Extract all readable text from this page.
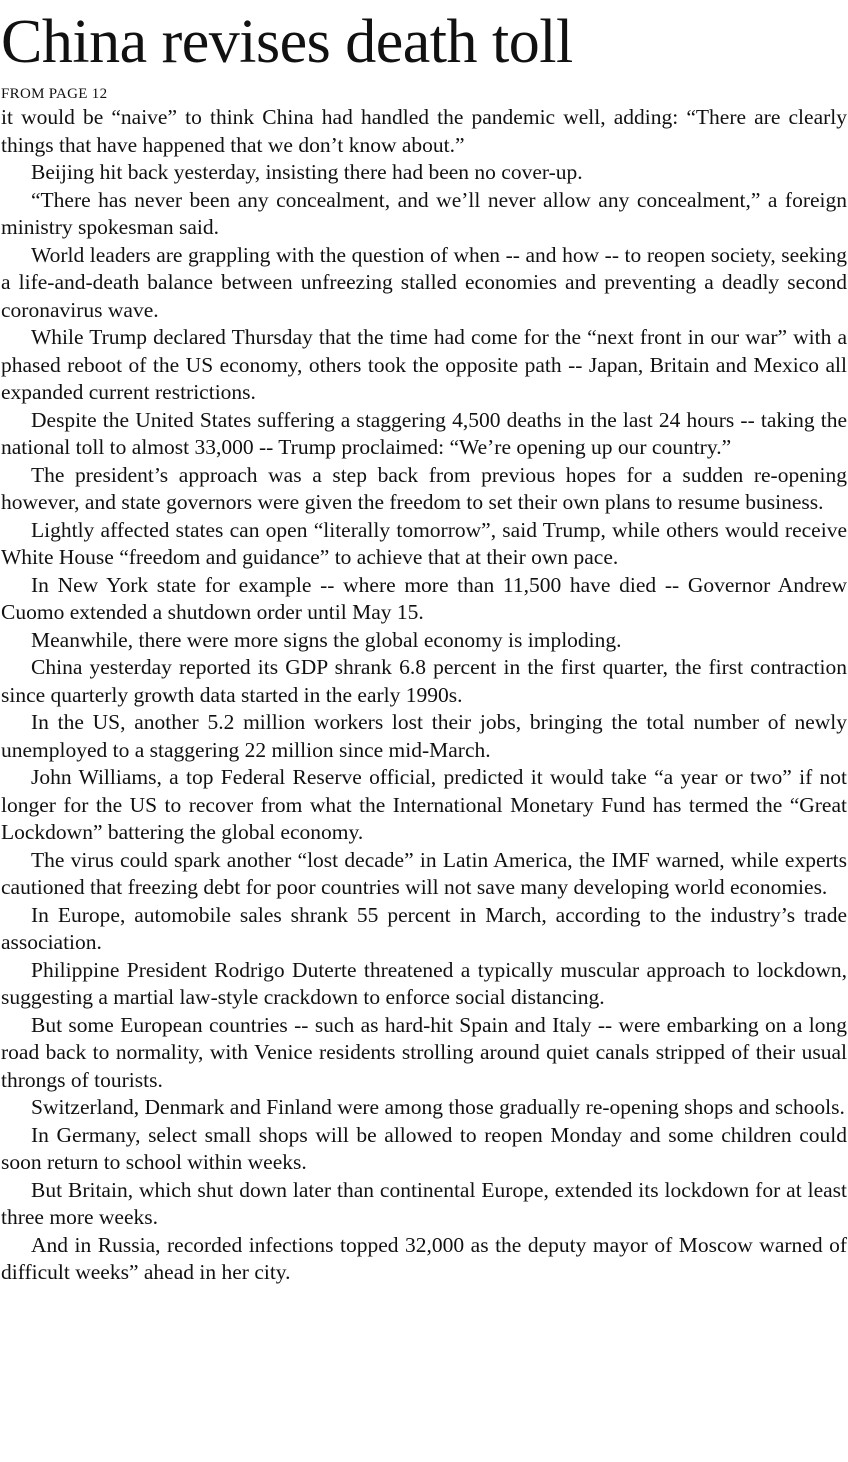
China revises death toll
FROM PAGE 12

it would be “naive” to think China had handled the pandemic well, adding: “There are clearly things that have happened that we don’t know about.”

Beijing hit back yesterday, insisting there had been no cover-up.

“There has never been any concealment, and we’ll never allow any concealment,” a foreign ministry spokesman said.

World leaders are grappling with the question of when -- and how -- to reopen society, seeking a life-and-death balance between unfreezing stalled economies and preventing a deadly second coronavirus wave.

While Trump declared Thursday that the time had come for the “next front in our war” with a phased reboot of the US economy, others took the opposite path -- Japan, Britain and Mexico all expanded current restrictions.

Despite the United States suffering a staggering 4,500 deaths in the last 24 hours -- taking the national toll to almost 33,000 -- Trump proclaimed: “We’re opening up our country.”

The president’s approach was a step back from previous hopes for a sudden re-opening however, and state governors were given the freedom to set their own plans to resume business.

Lightly affected states can open “literally tomorrow”, said Trump, while others would receive White House “freedom and guidance” to achieve that at their own pace.

In New York state for example -- where more than 11,500 have died -- Governor Andrew Cuomo extended a shutdown order until May 15.

Meanwhile, there were more signs the global economy is imploding.

China yesterday reported its GDP shrank 6.8 percent in the first quarter, the first contraction since quarterly growth data started in the early 1990s.

In the US, another 5.2 million workers lost their jobs, bringing the total number of newly unemployed to a staggering 22 million since mid-March.

John Williams, a top Federal Reserve official, predicted it would take “a year or two” if not longer for the US to recover from what the International Monetary Fund has termed the “Great Lockdown” battering the global economy.

The virus could spark another “lost decade” in Latin America, the IMF warned, while experts cautioned that freezing debt for poor countries will not save many developing world economies.

In Europe, automobile sales shrank 55 percent in March, according to the industry’s trade association.

Philippine President Rodrigo Duterte threatened a typically muscular approach to lockdown, suggesting a martial law-style crackdown to enforce social distancing.

But some European countries -- such as hard-hit Spain and Italy -- were embarking on a long road back to normality, with Venice residents strolling around quiet canals stripped of their usual throngs of tourists.

Switzerland, Denmark and Finland were among those gradually re-opening shops and schools.

In Germany, select small shops will be allowed to reopen Monday and some children could soon return to school within weeks.

But Britain, which shut down later than continental Europe, extended its lockdown for at least three more weeks.

And in Russia, recorded infections topped 32,000 as the deputy mayor of Moscow warned of difficult weeks” ahead in her city.
